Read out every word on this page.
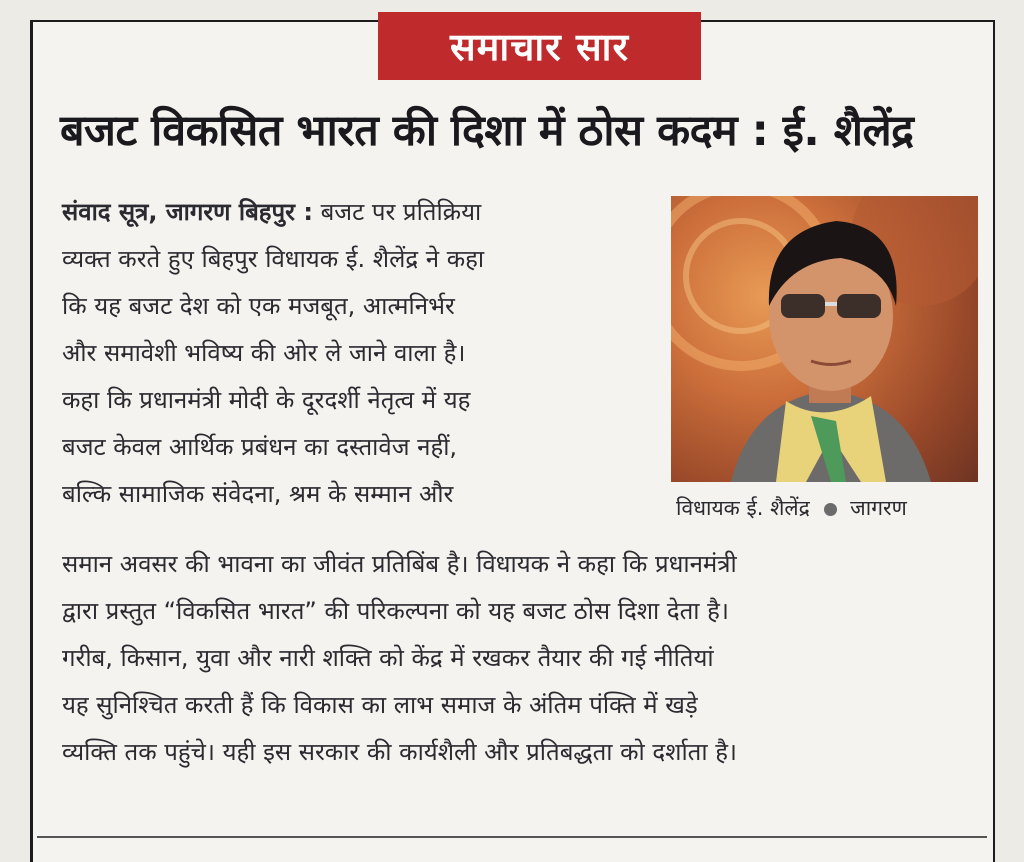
समाचार सार
बजट विकसित भारत की दिशा में ठोस कदम : ई. शैलेंद्र
संवाद सूत्र, जागरण बिहपुर : बजट पर प्रतिक्रिया
व्यक्त करते हुए बिहपुर विधायक ई. शैलेंद्र ने कहा
कि यह बजट देश को एक मजबूत, आत्मनिर्भर
और समावेशी भविष्य की ओर ले जाने वाला है।
कहा कि प्रधानमंत्री मोदी के दूरदर्शी नेतृत्व में यह
बजट केवल आर्थिक प्रबंधन का दस्तावेज नहीं,
बल्कि सामाजिक संवेदना, श्रम के सम्मान और
समान अवसर की भावना का जीवंत प्रतिबिंब है। विधायक ने कहा कि प्रधानमंत्री
द्वारा प्रस्तुत “विकसित भारत” की परिकल्पना को यह बजट ठोस दिशा देता है।
गरीब, किसान, युवा और नारी शक्ति को केंद्र में रखकर तैयार की गई नीतियां
यह सुनिश्चित करती हैं कि विकास का लाभ समाज के अंतिम पंक्ति में खड़े
व्यक्ति तक पहुंचे। यही इस सरकार की कार्यशैली और प्रतिबद्धता को दर्शाता है।
विधायक ई. शैलेंद्र जागरण
